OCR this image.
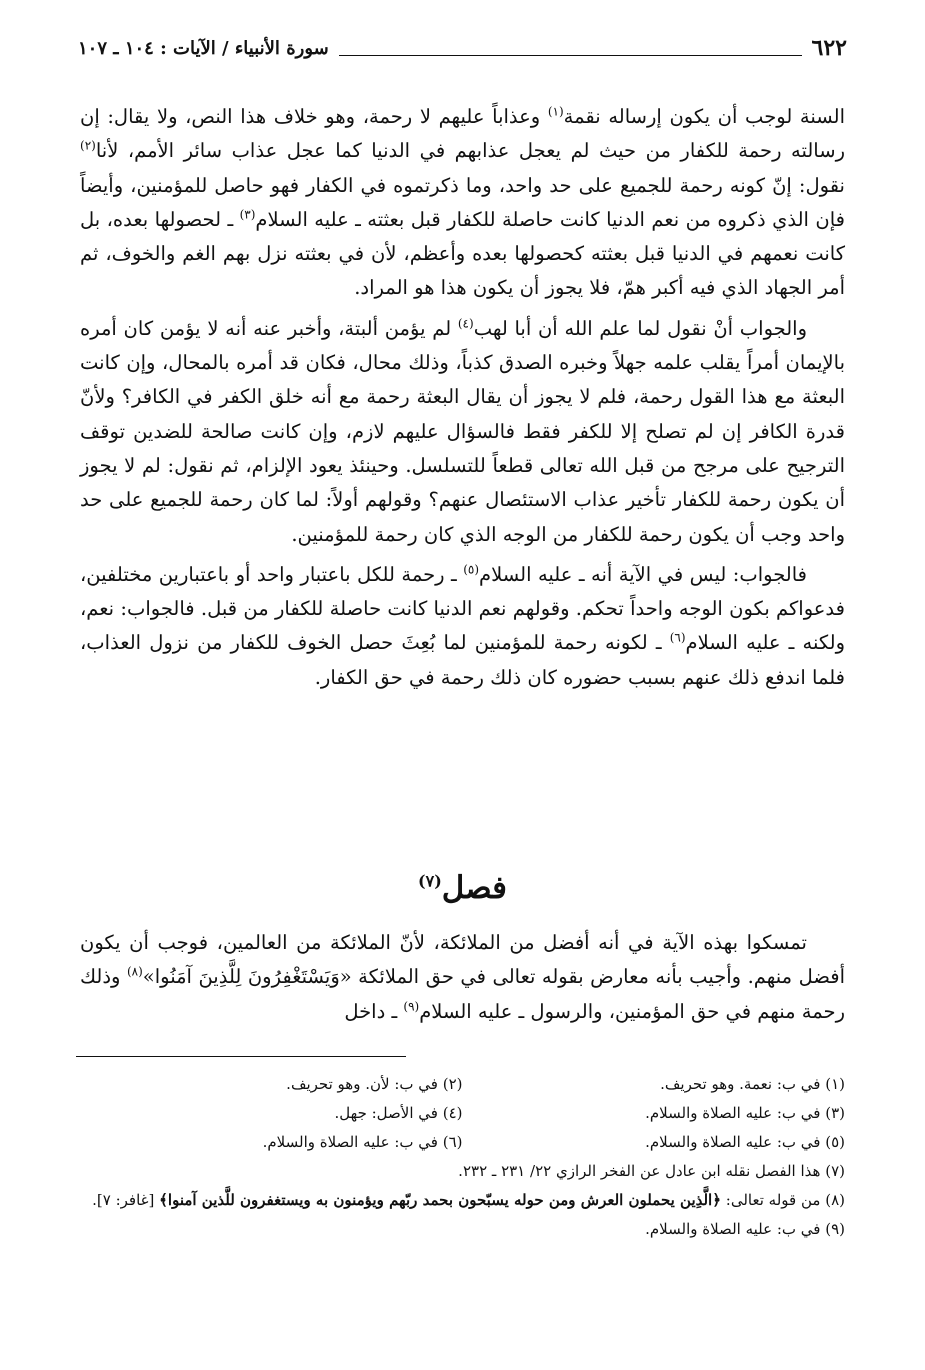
٦٢٢
سورة الأنبياء / الآيات : ١٠٤ ـ ١٠٧

السنة لوجب أن يكون إرساله نقمة$^{(١)}$ وعذاباً عليهم لا رحمة، وهو خلاف هذا النص، ولا يقال: إن رسالته رحمة للكفار من حيث لم يعجل عذابهم في الدنيا كما عجل عذاب سائر الأمم، لأنا$^{(٢)}$ نقول: إنّ كونه رحمة للجميع على حد واحد، وما ذكرتموه في الكفار فهو حاصل للمؤمنين، وأيضاً فإن الذي ذكروه من نعم الدنيا كانت حاصلة للكفار قبل بعثته ـ عليه السلام$^{(٣)}$ ـ لحصولها بعده، بل كانت نعمهم في الدنيا قبل بعثته كحصولها بعده وأعظم، لأن في بعثته نزل بهم الغم والخوف، ثم أمر الجهاد الذي فيه أكبر همّ، فلا يجوز أن يكون هذا هو المراد.

والجواب أنْ نقول لما علم الله أن أبا لهب$^{(٤)}$ لم يؤمن ألبتة، وأخبر عنه أنه لا يؤمن كان أمره بالإيمان أمراً يقلب علمه جهلاً وخبره الصدق كذباً، وذلك محال، فكان قد أمره بالمحال، وإن كانت البعثة مع هذا القول رحمة، فلم لا يجوز أن يقال البعثة رحمة مع أنه خلق الكفر في الكافر؟ ولأنّ قدرة الكافر إن لم تصلح إلا للكفر فقط فالسؤال عليهم لازم، وإن كانت صالحة للضدين توقف الترجيح على مرجح من قبل الله تعالى قطعاً للتسلسل. وحينئذ يعود الإلزام، ثم نقول: لم لا يجوز أن يكون رحمة للكفار تأخير عذاب الاستئصال عنهم؟ وقولهم أولاً: لما كان رحمة للجميع على حد واحد وجب أن يكون رحمة للكفار من الوجه الذي كان رحمة للمؤمنين.

فالجواب: ليس في الآية أنه ـ عليه السلام$^{(٥)}$ ـ رحمة للكل باعتبار واحد أو باعتبارين مختلفين، فدعواكم بكون الوجه واحداً تحكم. وقولهم نعم الدنيا كانت حاصلة للكفار من قبل. فالجواب: نعم، ولكنه ـ عليه السلام$^{(٦)}$ ـ لكونه رحمة للمؤمنين لما بُعِثَ حصل الخوف للكفار من نزول العذاب، فلما اندفع ذلك عنهم بسبب حضوره كان ذلك رحمة في حق الكفار.

فصل$^{(٧)}$

تمسكوا بهذه الآية في أنه أفضل من الملائكة، لأنّ الملائكة من العالمين، فوجب أن يكون أفضل منهم. وأجيب بأنه معارض بقوله تعالى في حق الملائكة «وَيَسْتَغْفِرُونَ لِلَّذِينَ آمَنُوا»$^{(٨)}$ وذلك رحمة منهم في حق المؤمنين، والرسول ـ عليه السلام$^{(٩)}$ ـ داخل

(١) في ب: نعمة. وهو تحريف.
(٢) في ب: لأن. وهو تحريف.
(٣) في ب: عليه الصلاة والسلام.
(٤) في الأصل: جهل.
(٥) في ب: عليه الصلاة والسلام.
(٦) في ب: عليه الصلاة والسلام.
(٧) هذا الفصل نقله ابن عادل عن الفخر الرازي ٢٢/ ٢٣١ ـ ٢٣٢.
(٨) من قوله تعالى: ﴿الَّذِين يحملون العرش ومن حوله يسبّحون بحمد ربّهم ويؤمنون به ويستغفرون للَّذين آمنوا﴾ [غافر: ٧].
(٩) في ب: عليه الصلاة والسلام.
